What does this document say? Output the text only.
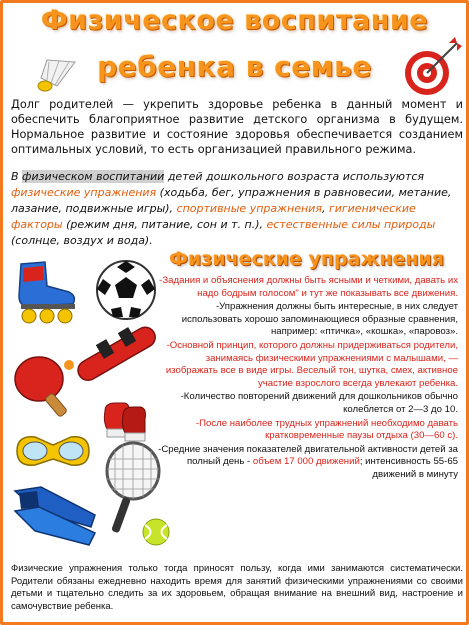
Физическое воспитание
ребенка в семье
Долг родителей — укрепить здоровье ребенка в данный момент и обеспечить благоприятное развитие детского организма в будущем. Нормальное развитие и состояние здоровья обеспечивается созданием оптимальных условий, то есть организацией правильного режима.
В физическом воспитании детей дошкольного возраста используются физические упражнения (ходьба, бег, упражнения в равновесии, метание, лазание, подвижные игры), спортивные упражнения, гигиенические факторы (режим дня, питание, сон и т. п.), естественные силы природы (солнце, воздух и вода).
Физические упражнения

-Задания и объяснения должны быть ясными и четкими, давать их надо бодрым голосом" и тут же показывать все движения.

-Упражнения должны быть интересные, в них следует использовать хорошо запоминающиеся образные сравнения, например: «птичка», «кошка», «паровоз».

-Основной принцип, которого должны придерживаться родители, занимаясь физическими упражнениями с малышами, — изображать все в виде игры. Веселый тон, шутка, смех, активное участие взрослого всегда увлекают ребенка.

-Количество повторений движений для дошкольников обычно колеблется от 2—3 до 10.

-После наиболее трудных упражнений необходимо давать кратковременные паузы отдыха (30—60 с).

-Средние значения показателей двигательной активности детей за полный день - объем 17 000 движений; интенсивность 55-65 движений в минуту

Физические упражнения только тогда приносят пользу, когда ими занимаются систематически. Родители обязаны ежедневно находить время для занятий физическими упражнениями со своими детьми и тщательно следить за их здоровьем, обращая внимание на внешний вид, настроение и самочувствие ребенка.
